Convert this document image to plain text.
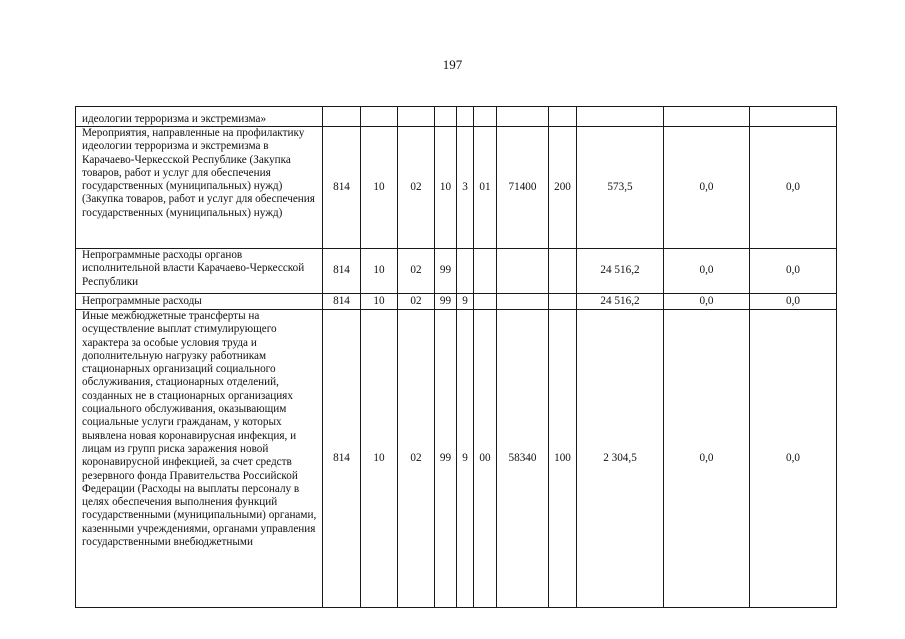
197
идеологии терроризма и экстремизма»											
Мероприятия, направленные на профилактику идеологии терроризма и экстремизма в Карачаево-Черкесской Республике (Закупка товаров, работ и услуг для обеспечения государственных (муниципальных) нужд) (Закупка товаров, работ и услуг для обеспечения государственных (муниципальных) нужд)	814	10	02	10	3	01	71400	200	573,5	0,0	0,0
Непрограммные расходы органов исполнительной власти Карачаево-Черкесской Республики	814	10	02	99					24 516,2	0,0	0,0
Непрограммные расходы	814	10	02	99	9				24 516,2	0,0	0,0
Иные межбюджетные трансферты на осуществление выплат стимулирующего характера за особые условия труда и дополнительную нагрузку работникам стационарных организаций социального обслуживания, стационарных отделений, созданных не в стационарных организациях социального обслуживания, оказывающим социальные услуги гражданам, у которых выявлена новая коронавирусная инфекция, и лицам из групп риска заражения новой коронавирусной инфекцией, за счет средств резервного фонда Правительства Российской Федерации (Расходы на выплаты персоналу в целях обеспечения выполнения функций государственными (муниципальными) органами, казенными учреждениями, органами управления государственными внебюджетными	814	10	02	99	9	00	58340	100	2 304,5	0,0	0,0
